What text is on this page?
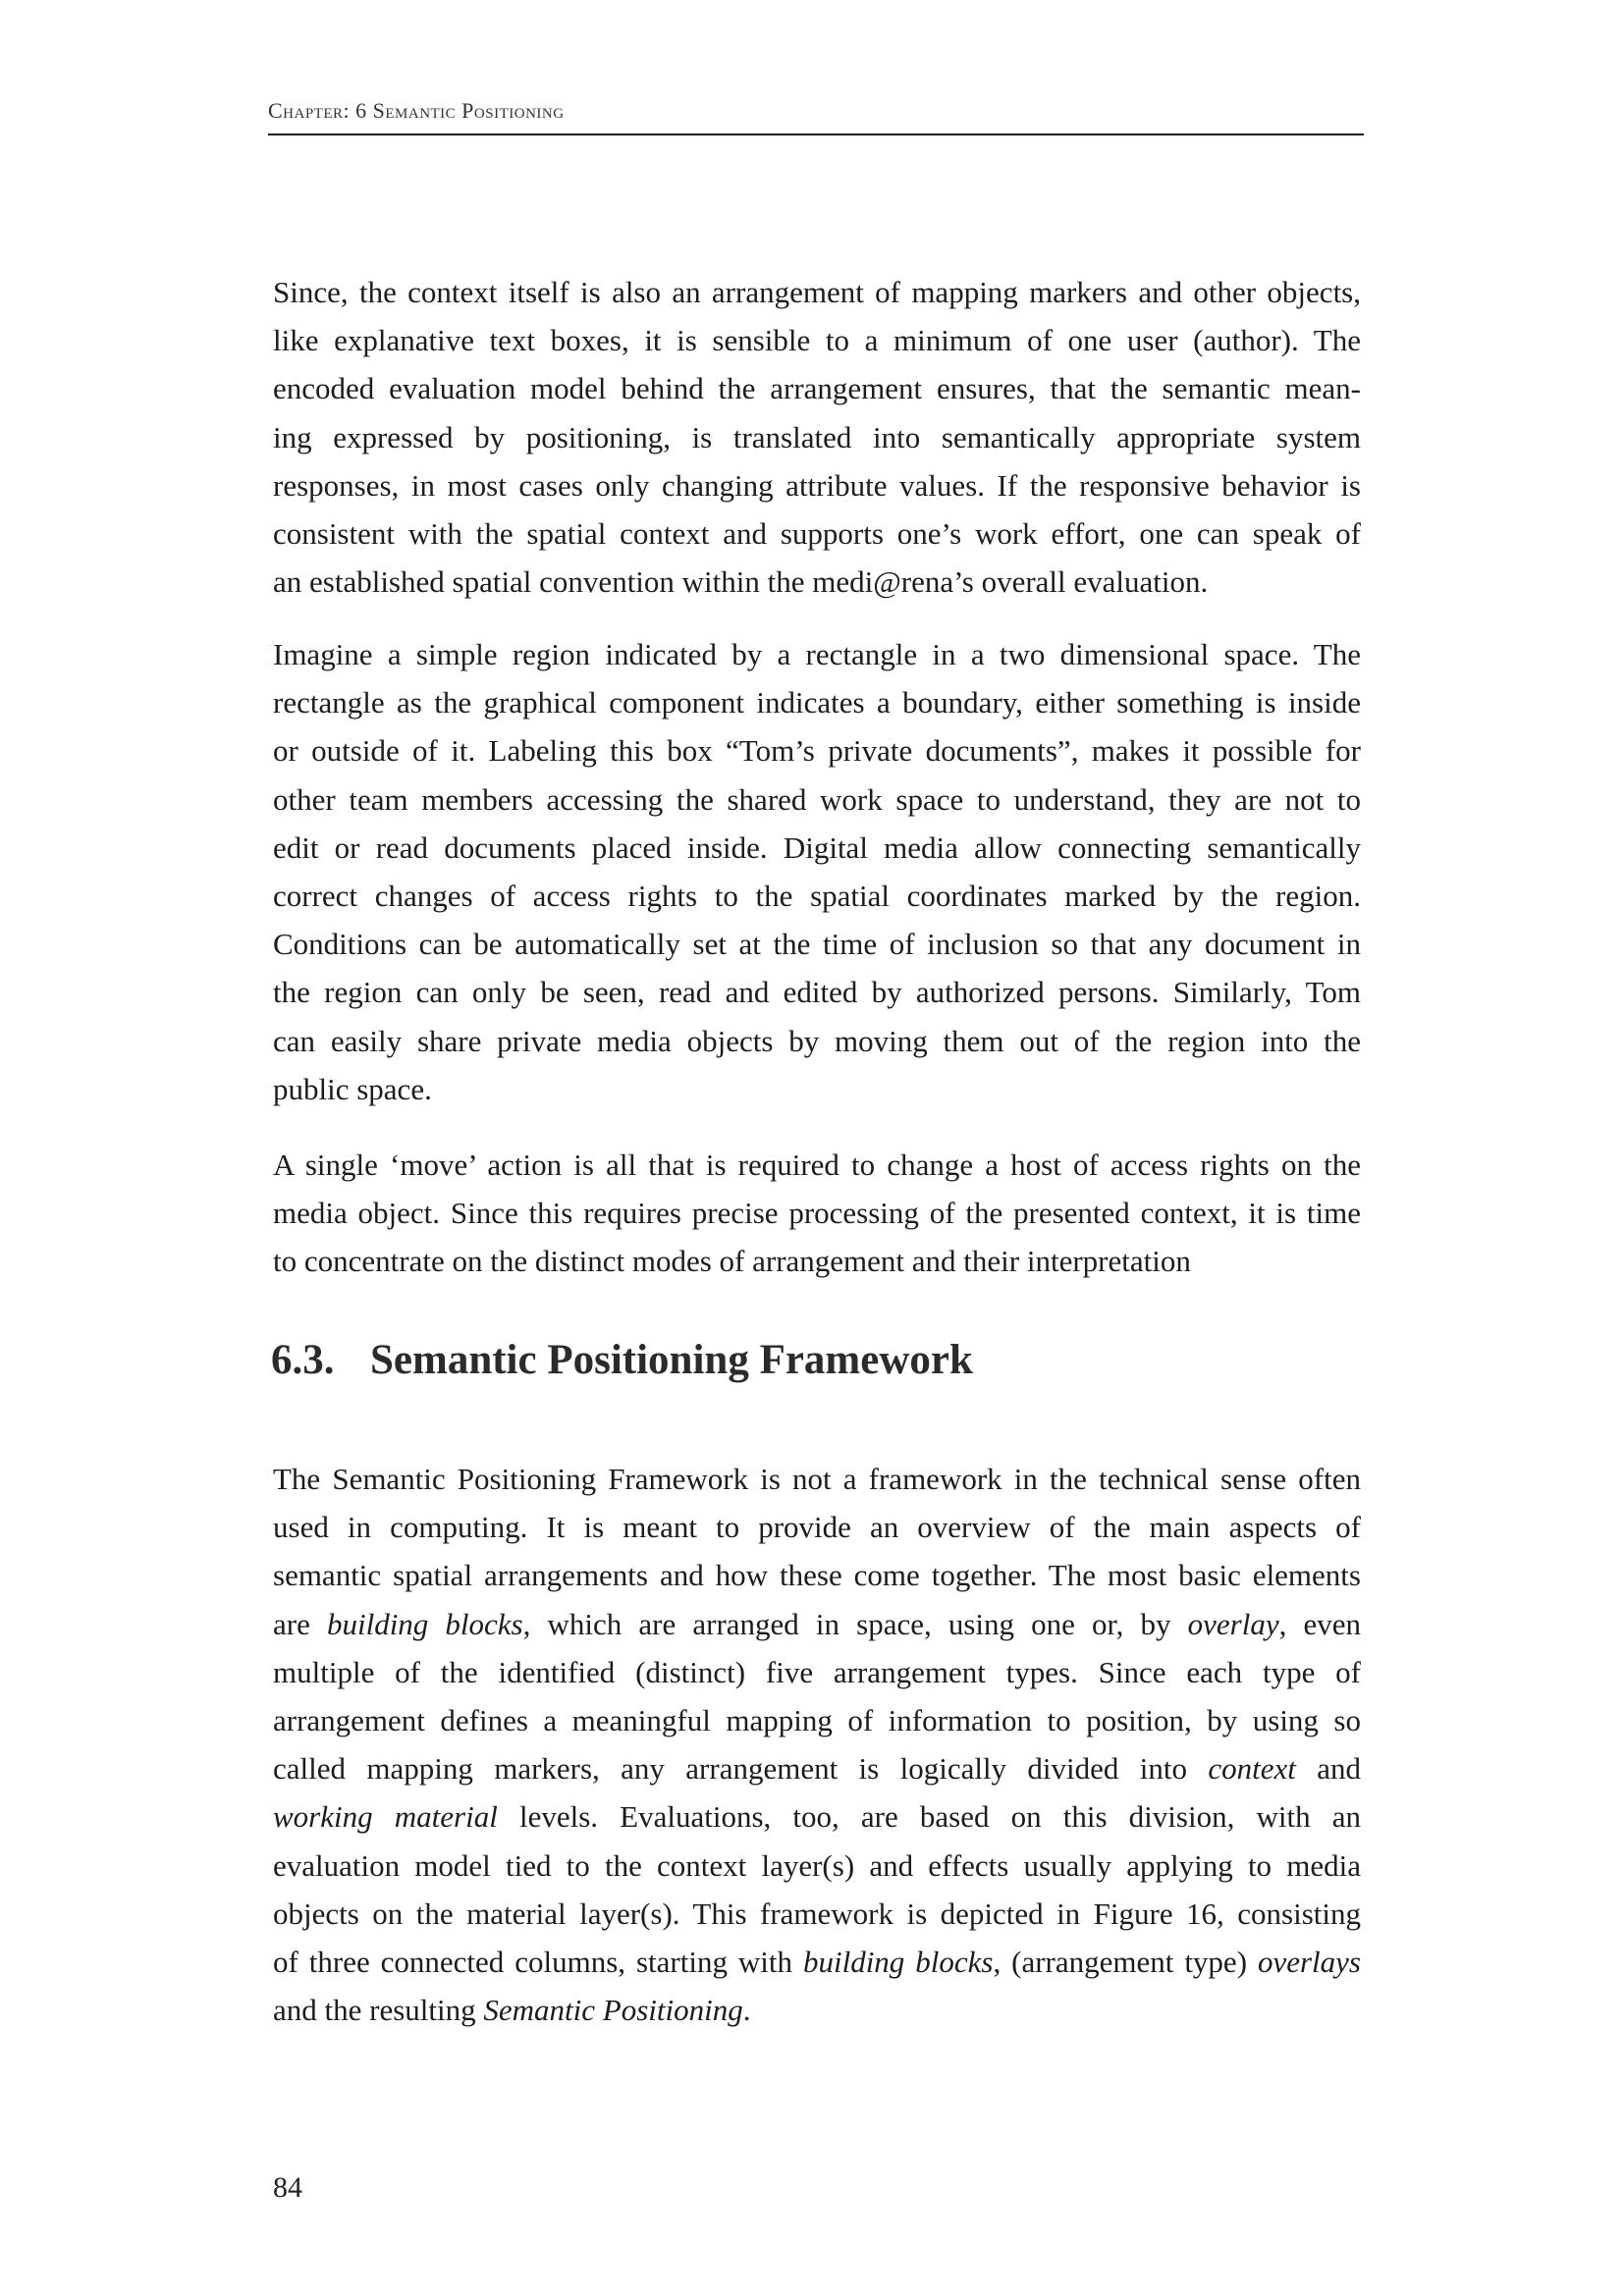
Chapter: 6 Semantic Positioning

Since, the context itself is also an arrangement of mapping markers and other objects,
like explanative text boxes, it is sensible to a minimum of one user (author). The
encoded evaluation model behind the arrangement ensures, that the semantic mean-
ing expressed by positioning, is translated into semantically appropriate system
responses, in most cases only changing attribute values. If the responsive behavior is
consistent with the spatial context and supports one’s work effort, one can speak of
an established spatial convention within the medi@rena’s overall evaluation.

Imagine a simple region indicated by a rectangle in a two dimensional space. The
rectangle as the graphical component indicates a boundary, either something is inside
or outside of it. Labeling this box “Tom’s private documents”, makes it possible for
other team members accessing the shared work space to understand, they are not to
edit or read documents placed inside. Digital media allow connecting semantically
correct changes of access rights to the spatial coordinates marked by the region.
Conditions can be automatically set at the time of inclusion so that any document in
the region can only be seen, read and edited by authorized persons. Similarly, Tom
can easily share private media objects by moving them out of the region into the
public space.

A single ‘move’ action is all that is required to change a host of access rights on the
media object. Since this requires precise processing of the presented context, it is time
to concentrate on the distinct modes of arrangement and their interpretation

6.3. Semantic Positioning Framework

The Semantic Positioning Framework is not a framework in the technical sense often
used in computing. It is meant to provide an overview of the main aspects of
semantic spatial arrangements and how these come together. The most basic elements
are building blocks, which are arranged in space, using one or, by overlay, even
multiple of the identified (distinct) five arrangement types. Since each type of
arrangement defines a meaningful mapping of information to position, by using so
called mapping markers, any arrangement is logically divided into context and
working material levels. Evaluations, too, are based on this division, with an
evaluation model tied to the context layer(s) and effects usually applying to media
objects on the material layer(s). This framework is depicted in Figure 16, consisting
of three connected columns, starting with building blocks, (arrangement type) overlays
and the resulting Semantic Positioning.

84
